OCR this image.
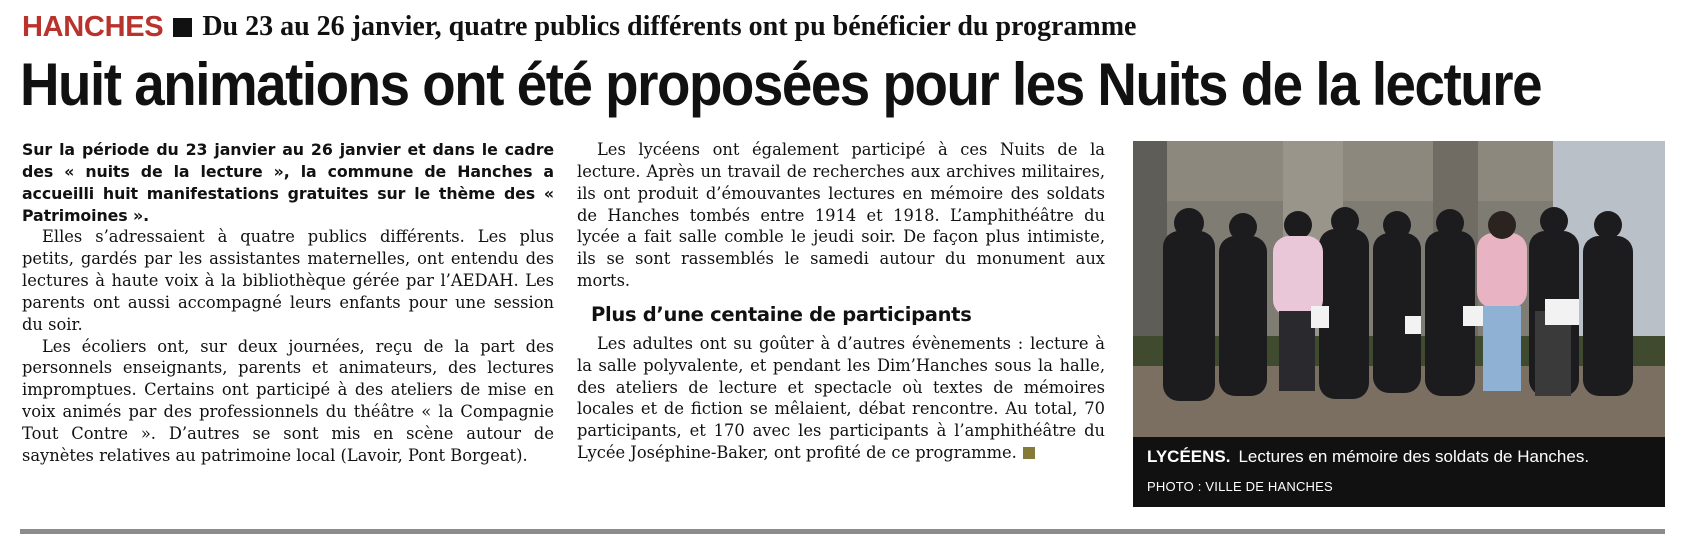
HANCHES Du 23 au 26 janvier, quatre publics différents ont pu bénéficier du programme
Huit animations ont été proposées pour les Nuits de la lecture

Sur la période du 23 janvier au 26 janvier et dans le cadre des « nuits de la lecture », la commune de Hanches a accueilli huit manifestations gratuites sur le thème des « Patrimoines ».

Elles s’adressaient à quatre publics différents. Les plus petits, gardés par les assistantes maternelles, ont entendu des lectures à haute voix à la bibliothèque gérée par l’AEDAH. Les parents ont aussi accompagné leurs enfants pour une session du soir.

Les écoliers ont, sur deux journées, reçu de la part des personnels enseignants, parents et animateurs, des lectures impromptues. Certains ont participé à des ateliers de mise en voix animés par des professionnels du théâtre « la Compagnie Tout Contre ». D’autres se sont mis en scène autour de saynètes relatives au patrimoine local (Lavoir, Pont Borgeat).

Les lycéens ont également participé à ces Nuits de la lecture. Après un travail de recherches aux archives militaires, ils ont produit d’émouvantes lectures en mémoire des soldats de Hanches tombés entre 1914 et 1918. L’amphithéâtre du lycée a fait salle comble le jeudi soir. De façon plus intimiste, ils se sont rassemblés le samedi autour du monument aux morts.

Plus d’une centaine de participants

Les adultes ont su goûter à d’autres évènements : lecture à la salle polyvalente, et pendant les Dim’Hanches sous la halle, des ateliers de lecture et spectacle où textes de mémoires locales et de fiction se mêlaient, débat rencontre. Au total, 70 participants, et 170 avec les participants à l’amphithéâtre du Lycée Joséphine-Baker, ont profité de ce programme.	LYCÉENS. Lectures en mémoire des soldats de Hanches.
PHOTO : VILLE DE HANCHES
